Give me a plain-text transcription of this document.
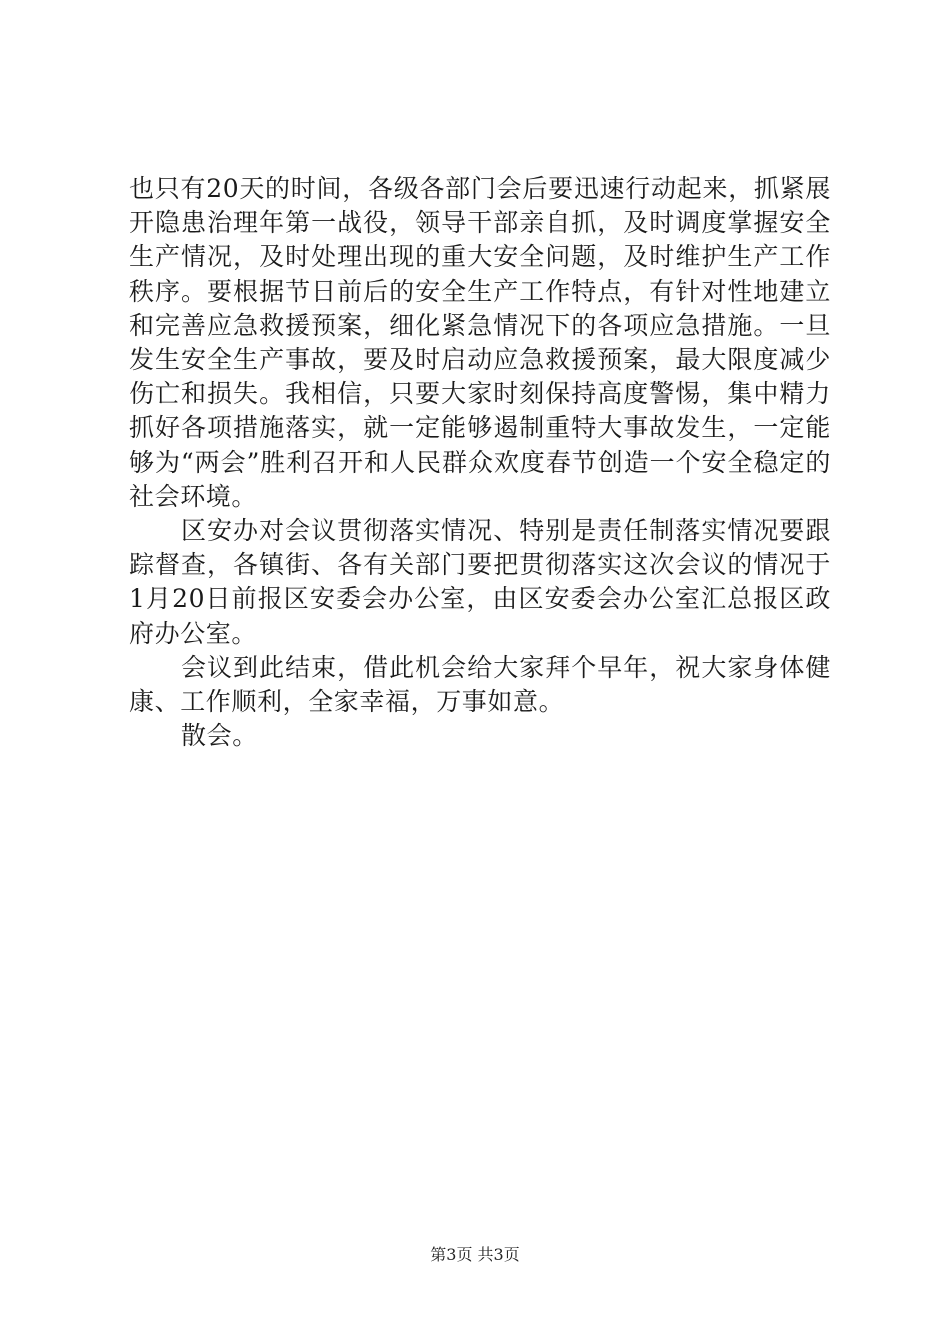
也只有20天的时间，各级各部门会后要迅速行动起来，抓紧展开隐患治理年第一战役，领导干部亲自抓，及时调度掌握安全生产情况，及时处理出现的重大安全问题，及时维护生产工作秩序。要根据节日前后的安全生产工作特点，有针对性地建立和完善应急救援预案，细化紧急情况下的各项应急措施。一旦发生安全生产事故，要及时启动应急救援预案，最大限度减少伤亡和损失。我相信，只要大家时刻保持高度警惕，集中精力抓好各项措施落实，就一定能够遏制重特大事故发生，一定能够为“两会”胜利召开和人民群众欢度春节创造一个安全稳定的社会环境。

区安办对会议贯彻落实情况、特别是责任制落实情况要跟踪督查，各镇街、各有关部门要把贯彻落实这次会议的情况于1月20日前报区安委会办公室，由区安委会办公室汇总报区政府办公室。

会议到此结束，借此机会给大家拜个早年，祝大家身体健康、工作顺利，全家幸福，万事如意。

散会。

第3页 共3页
